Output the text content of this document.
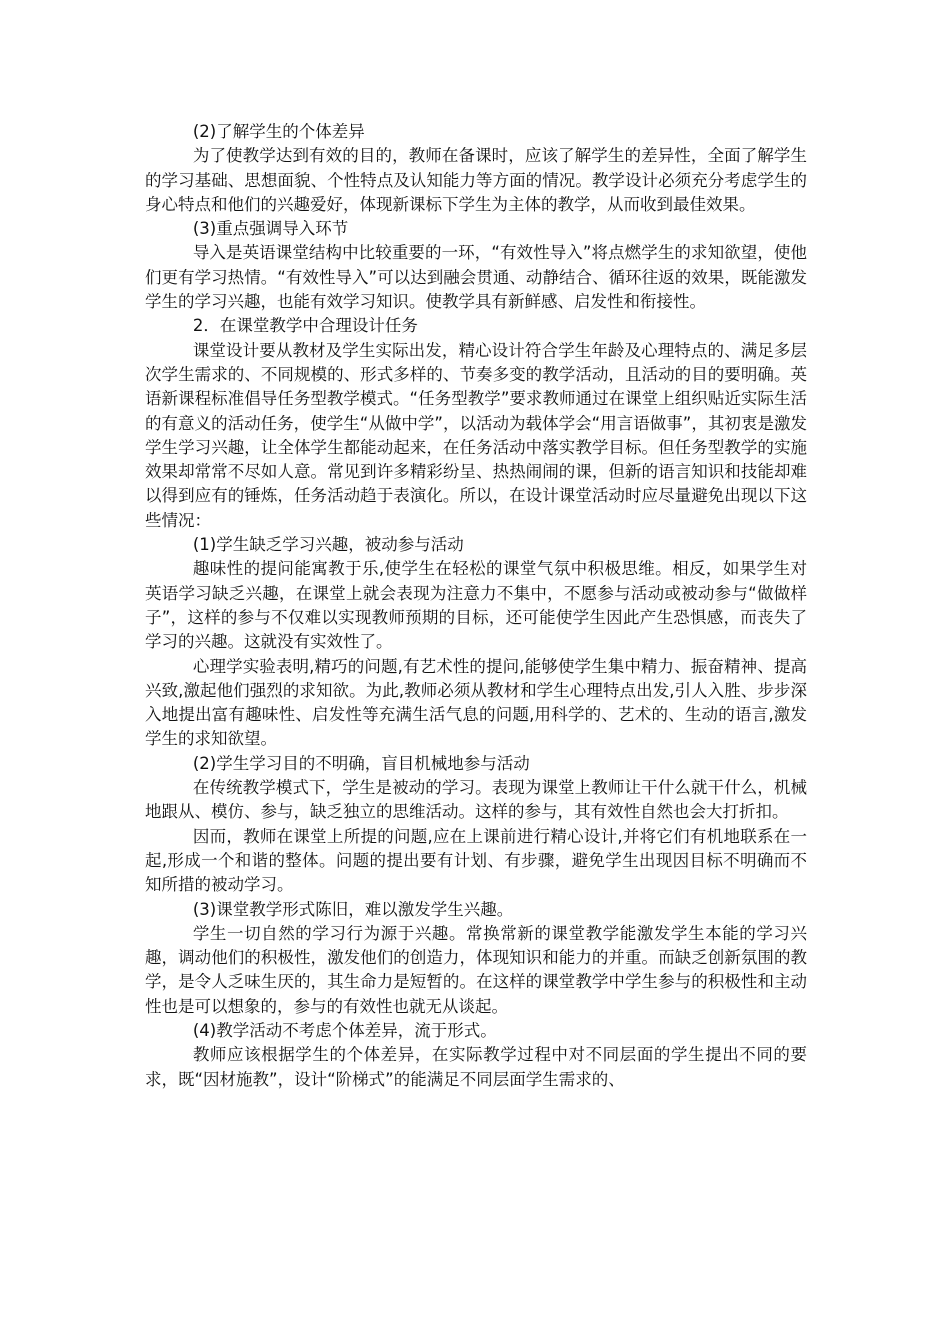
(2)了解学生的个体差异

为了使教学达到有效的目的，教师在备课时，应该了解学生的差异性，全面了解学生的学习基础、思想面貌、个性特点及认知能力等方面的情况。教学设计必须充分考虑学生的身心特点和他们的兴趣爱好，体现新课标下学生为主体的教学，从而收到最佳效果。

(3)重点强调导入环节

导入是英语课堂结构中比较重要的一环，“有效性导入”将点燃学生的求知欲望，使他们更有学习热情。“有效性导入”可以达到融会贯通、动静结合、循环往返的效果，既能激发学生的学习兴趣，也能有效学习知识。使教学具有新鲜感、启发性和衔接性。

2．在课堂教学中合理设计任务

课堂设计要从教材及学生实际出发，精心设计符合学生年龄及心理特点的、满足多层次学生需求的、不同规模的、形式多样的、节奏多变的教学活动，且活动的目的要明确。英语新课程标准倡导任务型教学模式。“任务型教学”要求教师通过在课堂上组织贴近实际生活的有意义的活动任务，使学生“从做中学”，以活动为载体学会“用言语做事”，其初衷是激发学生学习兴趣，让全体学生都能动起来，在任务活动中落实教学目标。但任务型教学的实施效果却常常不尽如人意。常见到许多精彩纷呈、热热闹闹的课，但新的语言知识和技能却难以得到应有的锤炼，任务活动趋于表演化。所以，在设计课堂活动时应尽量避免出现以下这些情况：

(1)学生缺乏学习兴趣，被动参与活动

趣味性的提问能寓教于乐,使学生在轻松的课堂气氛中积极思维。相反，如果学生对英语学习缺乏兴趣，在课堂上就会表现为注意力不集中，不愿参与活动或被动参与“做做样子”，这样的参与不仅难以实现教师预期的目标，还可能使学生因此产生恐惧感，而丧失了学习的兴趣。这就没有实效性了。

心理学实验表明,精巧的问题,有艺术性的提问,能够使学生集中精力、振奋精神、提高兴致,激起他们强烈的求知欲。为此,教师必须从教材和学生心理特点出发,引人入胜、步步深入地提出富有趣味性、启发性等充满生活气息的问题,用科学的、艺术的、生动的语言,激发学生的求知欲望。

(2)学生学习目的不明确，盲目机械地参与活动

在传统教学模式下，学生是被动的学习。表现为课堂上教师让干什么就干什么，机械地跟从、模仿、参与，缺乏独立的思维活动。这样的参与，其有效性自然也会大打折扣。

因而，教师在课堂上所提的问题,应在上课前进行精心设计,并将它们有机地联系在一起,形成一个和谐的整体。问题的提出要有计划、有步骤，避免学生出现因目标不明确而不知所措的被动学习。

(3)课堂教学形式陈旧，难以激发学生兴趣。

学生一切自然的学习行为源于兴趣。常换常新的课堂教学能激发学生本能的学习兴趣，调动他们的积极性，激发他们的创造力，体现知识和能力的并重。而缺乏创新氛围的教学，是令人乏味生厌的，其生命力是短暂的。在这样的课堂教学中学生参与的积极性和主动性也是可以想象的，参与的有效性也就无从谈起。

(4)教学活动不考虑个体差异，流于形式。

教师应该根据学生的个体差异，在实际教学过程中对不同层面的学生提出不同的要求，既“因材施教”，设计“阶梯式”的能满足不同层面学生需求的、
